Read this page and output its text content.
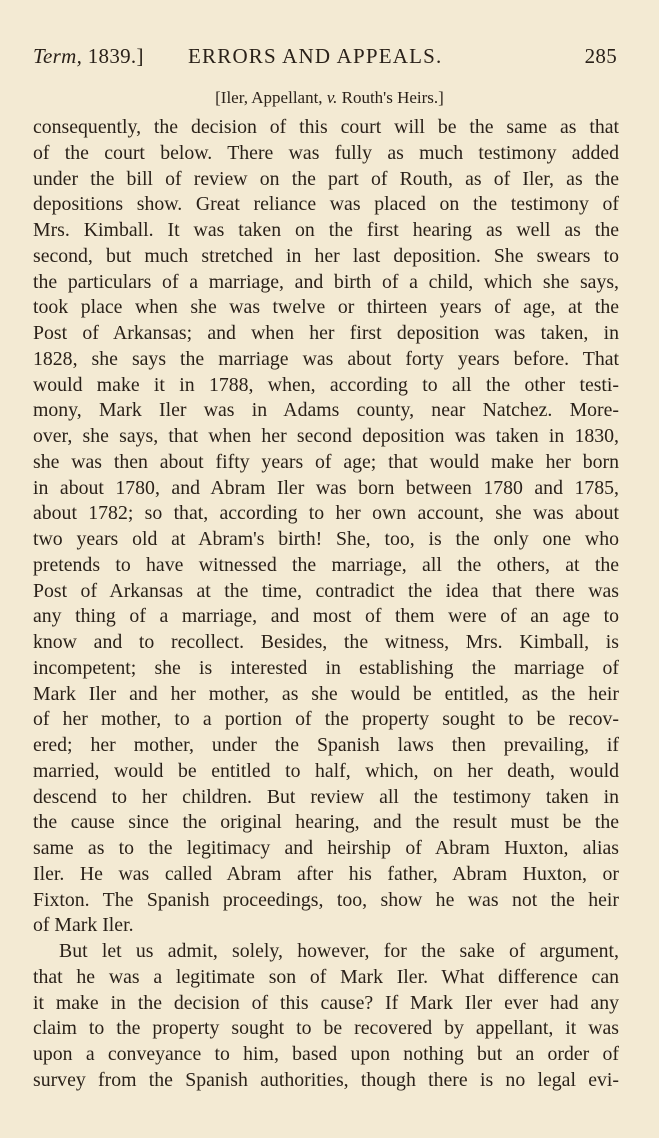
Term, 1839.] ERRORS AND APPEALS.	285
[Iler, Appellant, v. Routh's Heirs.]
consequently, the decision of this court will be the same as that
of the court below. There was fully as much testimony added
under the bill of review on the part of Routh, as of Iler, as the
depositions show. Great reliance was placed on the testimony of
Mrs. Kimball. It was taken on the first hearing as well as the
second, but much stretched in her last deposition. She swears to
the particulars of a marriage, and birth of a child, which she says,
took place when she was twelve or thirteen years of age, at the
Post of Arkansas; and when her first deposition was taken, in
1828, she says the marriage was about forty years before. That
would make it in 1788, when, according to all the other testi-
mony, Mark Iler was in Adams county, near Natchez. More-
over, she says, that when her second deposition was taken in 1830,
she was then about fifty years of age; that would make her born
in about 1780, and Abram Iler was born between 1780 and 1785,
about 1782; so that, according to her own account, she was about
two years old at Abram's birth! She, too, is the only one who
pretends to have witnessed the marriage, all the others, at the
Post of Arkansas at the time, contradict the idea that there was
any thing of a marriage, and most of them were of an age to
know and to recollect. Besides, the witness, Mrs. Kimball, is
incompetent; she is interested in establishing the marriage of
Mark Iler and her mother, as she would be entitled, as the heir
of her mother, to a portion of the property sought to be recov-
ered; her mother, under the Spanish laws then prevailing, if
married, would be entitled to half, which, on her death, would
descend to her children. But review all the testimony taken in
the cause since the original hearing, and the result must be the
same as to the legitimacy and heirship of Abram Huxton, alias
Iler. He was called Abram after his father, Abram Huxton, or
Fixton. The Spanish proceedings, too, show he was not the heir
of Mark Iler.
But let us admit, solely, however, for the sake of argument,
that he was a legitimate son of Mark Iler. What difference can
it make in the decision of this cause? If Mark Iler ever had any
claim to the property sought to be recovered by appellant, it was
upon a conveyance to him, based upon nothing but an order of
survey from the Spanish authorities, though there is no legal evi-
